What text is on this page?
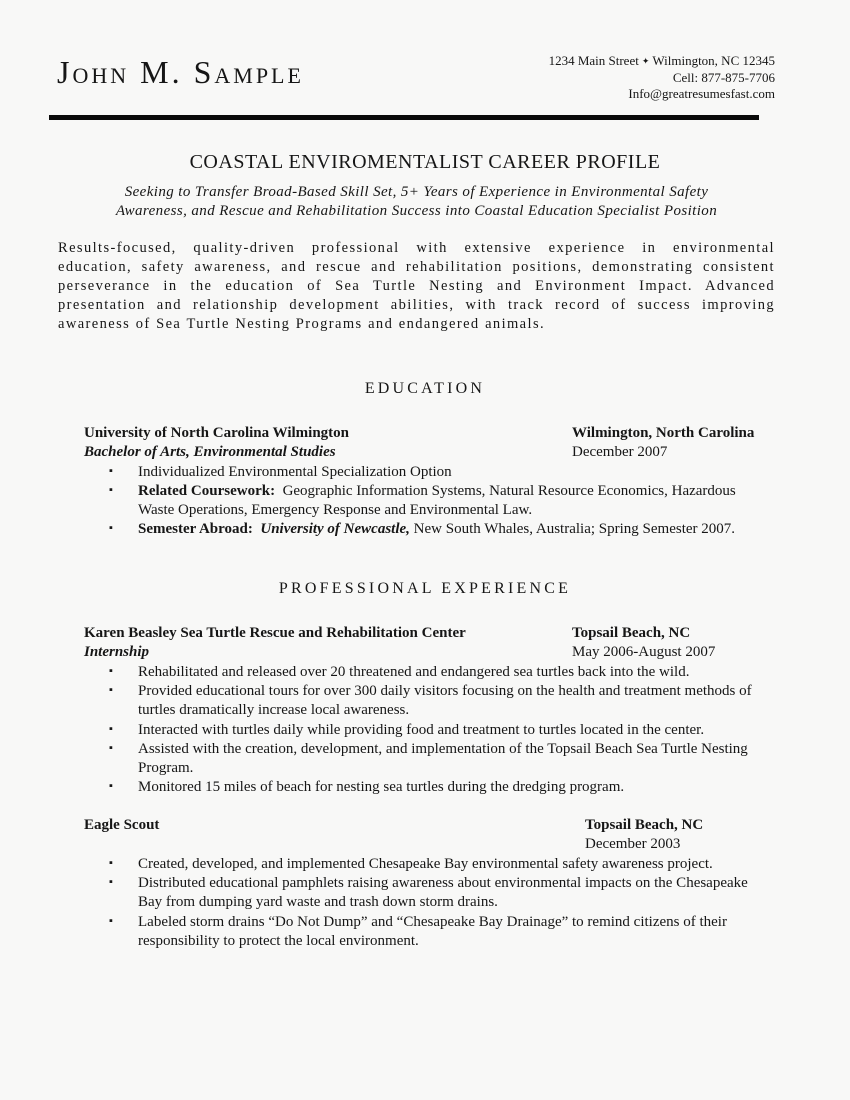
John M. Sample	1234 Main Street ✦ Wilmington, NC 12345
Cell: 877-875-7706
Info@greatresumesfast.com
COASTAL ENVIROMENTALIST CAREER PROFILE

Seeking to Transfer Broad-Based Skill Set, 5+ Years of Experience in Environmental Safety
Awareness, and Rescue and Rehabilitation Success into Coastal Education Specialist Position

Results-focused, quality-driven professional with extensive experience in environmental education, safety awareness, and rescue and rehabilitation positions, demonstrating consistent perseverance in the education of Sea Turtle Nesting and Environment Impact. Advanced presentation and relationship development abilities, with track record of success improving awareness of Sea Turtle Nesting Programs and endangered animals.

EDUCATION
University of North Carolina Wilmington	Wilmington, North Carolina
Bachelor of Arts, Environmental Studies	December 2007
▪ Individualized Environmental Specialization Option
▪ Related Coursework:  Geographic Information Systems, Natural Resource Economics, Hazardous Waste Operations, Emergency Response and Environmental Law.
▪ Semester Abroad:  University of Newcastle, New South Whales, Australia; Spring Semester 2007.
PROFESSIONAL EXPERIENCE
Karen Beasley Sea Turtle Rescue and Rehabilitation Center	Topsail Beach, NC
Internship	May 2006-August 2007
▪ Rehabilitated and released over 20 threatened and endangered sea turtles back into the wild.
▪ Provided educational tours for over 300 daily visitors focusing on the health and treatment methods of turtles dramatically increase local awareness.
▪ Interacted with turtles daily while providing food and treatment to turtles located in the center.
▪ Assisted with the creation, development, and implementation of the Topsail Beach Sea Turtle Nesting Program.
▪ Monitored 15 miles of beach for nesting sea turtles during the dredging program.
Eagle Scout	Topsail Beach, NC
December 2003
▪ Created, developed, and implemented Chesapeake Bay environmental safety awareness project.
▪ Distributed educational pamphlets raising awareness about environmental impacts on the Chesapeake Bay from dumping yard waste and trash down storm drains.
▪ Labeled storm drains “Do Not Dump” and “Chesapeake Bay Drainage” to remind citizens of their responsibility to protect the local environment.
